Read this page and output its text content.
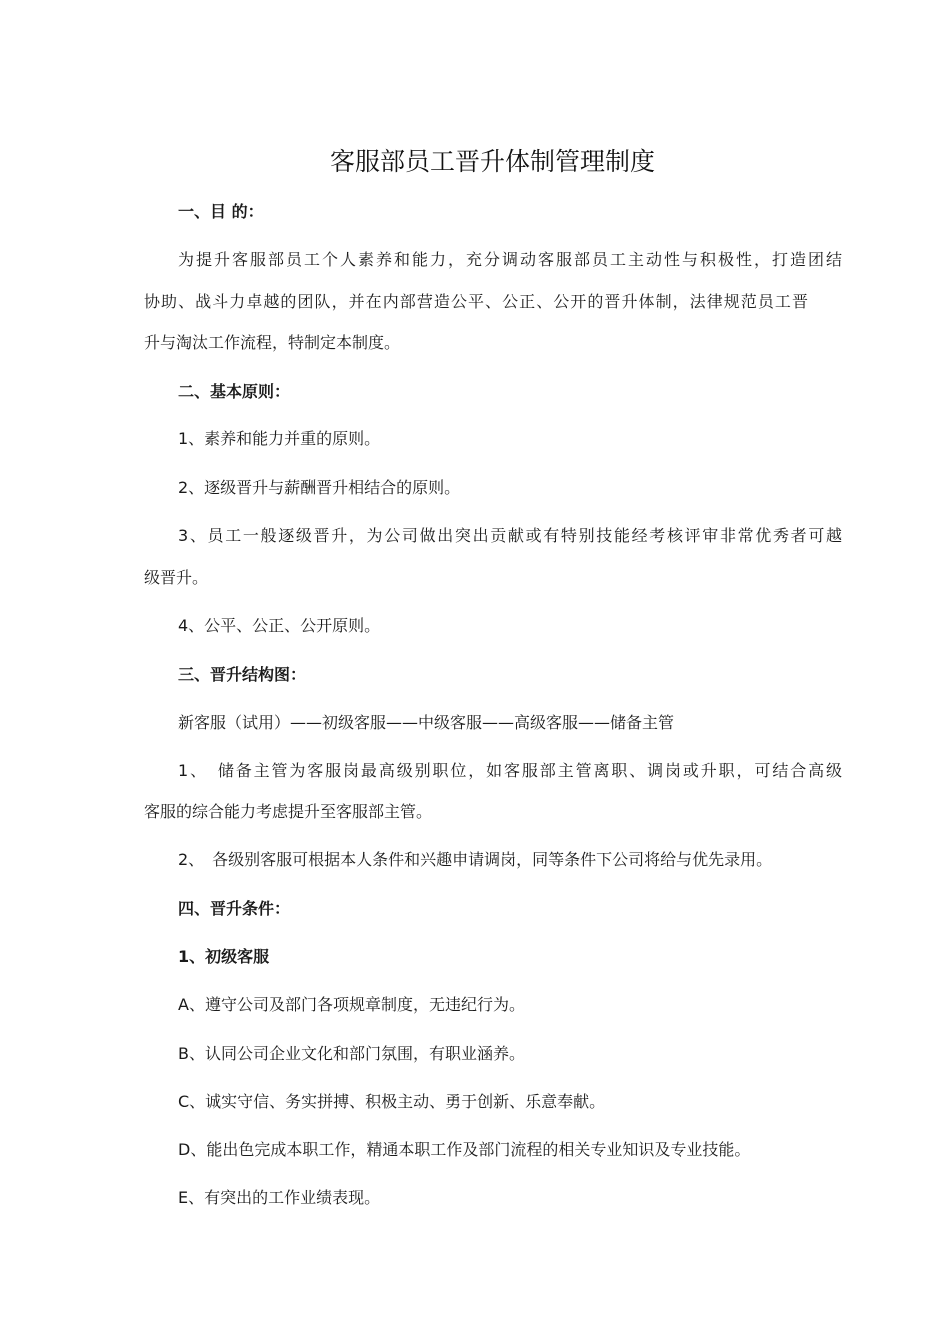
客服部员工晋升体制管理制度
一、目 的：
为提升客服部员工个人素养和能力，充分调动客服部员工主动性与积极性，打造团结
协助、战斗力卓越的团队，并在内部营造公平、公正、公开的晋升体制，法律规范员工晋
升与淘汰工作流程，特制定本制度。
二、基本原则：
1、素养和能力并重的原则。
2、逐级晋升与薪酬晋升相结合的原则。
3、员工一般逐级晋升，为公司做出突出贡献或有特别技能经考核评审非常优秀者可越
级晋升。
4、公平、公正、公开原则。
三、晋升结构图：
新客服（试用）——初级客服——中级客服——高级客服——储备主管
1、　储备主管为客服岗最高级别职位，如客服部主管离职、调岗或升职，可结合高级
客服的综合能力考虑提升至客服部主管。
2、　各级别客服可根据本人条件和兴趣申请调岗，同等条件下公司将给与优先录用。
四、晋升条件：
1、初级客服
A、遵守公司及部门各项规章制度，无违纪行为。
B、认同公司企业文化和部门氛围，有职业涵养。
C、诚实守信、务实拼搏、积极主动、勇于创新、乐意奉献。
D、能出色完成本职工作，精通本职工作及部门流程的相关专业知识及专业技能。
E、有突出的工作业绩表现。
